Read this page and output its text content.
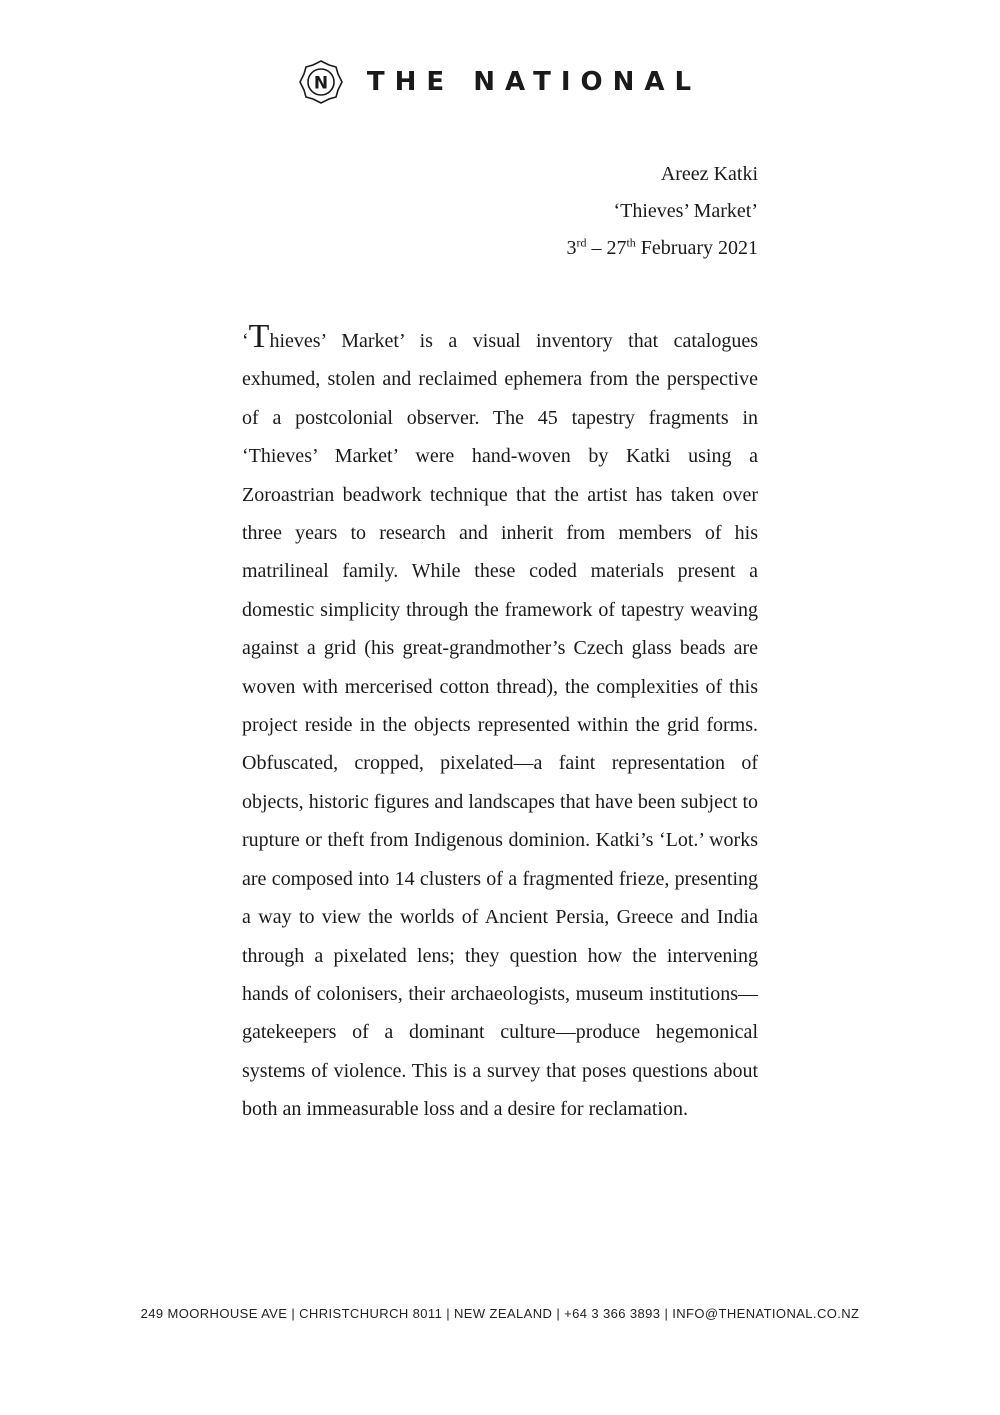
N THE NATIONAL
Areez Katki
‘Thieves’ Market’
3rd – 27th February 2021
‘Thieves’ Market’ is a visual inventory that catalogues exhumed, stolen and reclaimed ephemera from the perspective of a postcolonial observer. The 45 tapestry fragments in ‘Thieves’ Market’ were hand-woven by Katki using a Zoroastrian beadwork technique that the artist has taken over three years to research and inherit from members of his matrilineal family. While these coded materials present a domestic simplicity through the framework of tapestry weaving against a grid (his great-grandmother’s Czech glass beads are woven with mercerised cotton thread), the complexities of this project reside in the objects represented within the grid forms. Obfuscated, cropped, pixelated—a faint representation of objects, historic figures and landscapes that have been subject to rupture or theft from Indigenous dominion. Katki’s ‘Lot.’ works are composed into 14 clusters of a fragmented frieze, presenting a way to view the worlds of Ancient Persia, Greece and India through a pixelated lens; they question how the intervening hands of colonisers, their archaeologists, museum institutions—gatekeepers of a dominant culture—produce hegemonical systems of violence. This is a survey that poses questions about both an immeasurable loss and a desire for reclamation.
249 MOORHOUSE AVE | CHRISTCHURCH 8011 | NEW ZEALAND | +64 3 366 3893 | INFO@THENATIONAL.CO.NZ
